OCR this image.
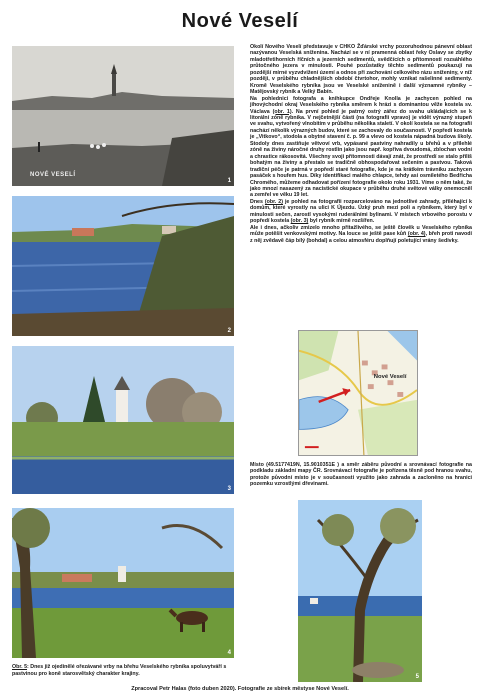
Nové Veselí
NOVÉ VESELÍ
1
2
3
4

Okolí Nového Veselí představuje v CHKO Žďárské vrchy pozoruhodnou pánevní oblast nazývanou Veselská sníženina. Nachází se v ní pramenná oblast řeky Oslavy se zbytky mladotřetihorních říčních a jezerních sedimentů, svědčících o přítomnosti rozsáhlého průtočného jezera v minulosti. Pouhé pozůstatky těchto sedimentů poukazují na pozdější mírné vyzvdvižení území a odnos při zachování celkového rázu sníženiny, v níž později, v průběhu chladnějších období čtvrtohor, mohly vznikat rašelinné sedimenty. Kromě Veselského rybníka jsou ve Veselské sníženině i další významné rybníky – Matějovský rybník a Velký Babín.

Na pohlednici fotografa a knihkupce Ondřeje Knolla je zachycen pohled na jihovýchodní okraj Veselského rybníka směrem k hrázi s dominantou věže kostela sv. Václava (obr. 1). Na první pohled je patrný ostrý zářez do svahu ukládajících se k litorální zóně rybníka. V nejčetnější části (na fotografii vpravo) je vidět výrazný stupeň ve svahu, vytvořený vlnobitím v průběhu několika staletí. V okolí kostela se na fotografii nachází několik výrazných budov, které se zachovaly do současnosti. V popředí kostela je „Vitkovo“, stodola a obytné stavení č. p. 99 a vlevo od kostela nápadná budova školy. Stodoly dnes zastiňuje větvoví vrb, vypásané pastviny nahradily u břehů a v přilehlé zóně na živiny náročné druhy rostlin jako jsou např. kopřiva dvoudomá, zblochan vodní a chrastice rákosovitá. Všechny svoji přítomnosti dávají znát, že prostředí se stalo příliš bohatým na živiny a přestalo se tradičně obhospodařovat sečením a pastvou. Taková tradiční péče je patrná v popředí staré fotografie, kde je na krátkém trávníku zachycen pasáček s houfem hus. Díky identifikaci malého chlapce, tehdy asi osmiletého Bedřicha Chromého, můžeme odhadovat pořízení fotografie okolo roku 1931. Víme o něm také, že jako mnozí nasazený za nacistické okupace v průběhu druhé světové války onemocněl a zemřel ve věku 19 let.

Dnes (obr. 2) je pohled na fotografii rozparcelováno na jednotlivé zahrady, přiléhající k domům, které vyrostly na ulici K Újezdu. Úzký pruh mezi poli a rybníkem, který byl v minulosti sečen, zarostl vysokými ruderálními bylinami. V místech vrbového porostu v popředí kostela (obr. 3) byl rybník mírně rozšířen.

Ale i dnes, ačkoliv zmizelo mnoho přitažlivého, se ještě člověk u Veselského rybníka může potěšit venkovskými motivy. Na louce se ještě pase kůň (obr. 4), břeh proti navodí z něj zvědavě čáp bílý (bohdal) a celou atmosféru doplňují poletující vrány šedivky.

Nové Veselí
Místo (49.5177419N, 15.9010351E ) a směr záběru původní a srovnávací fotografie na podkladu základní mapy ČR. Srovnávací fotografie je pořízena těsně pod hranou svahu, protože původní místo je v současnosti využito jako zahrada a zacloněno na hranici pozemku vzrostlými dřevinami.
5
Obr. 5: Dnes již ojedinělé ořezávané vrby na břehu Veselského rybníka spoluvytváří s pastvinou pro koně starosvětský charakter krajiny.
Zpracoval Petr Halas (foto duben 2020). Fotografie ze sbírek městyse Nové Veselí.
